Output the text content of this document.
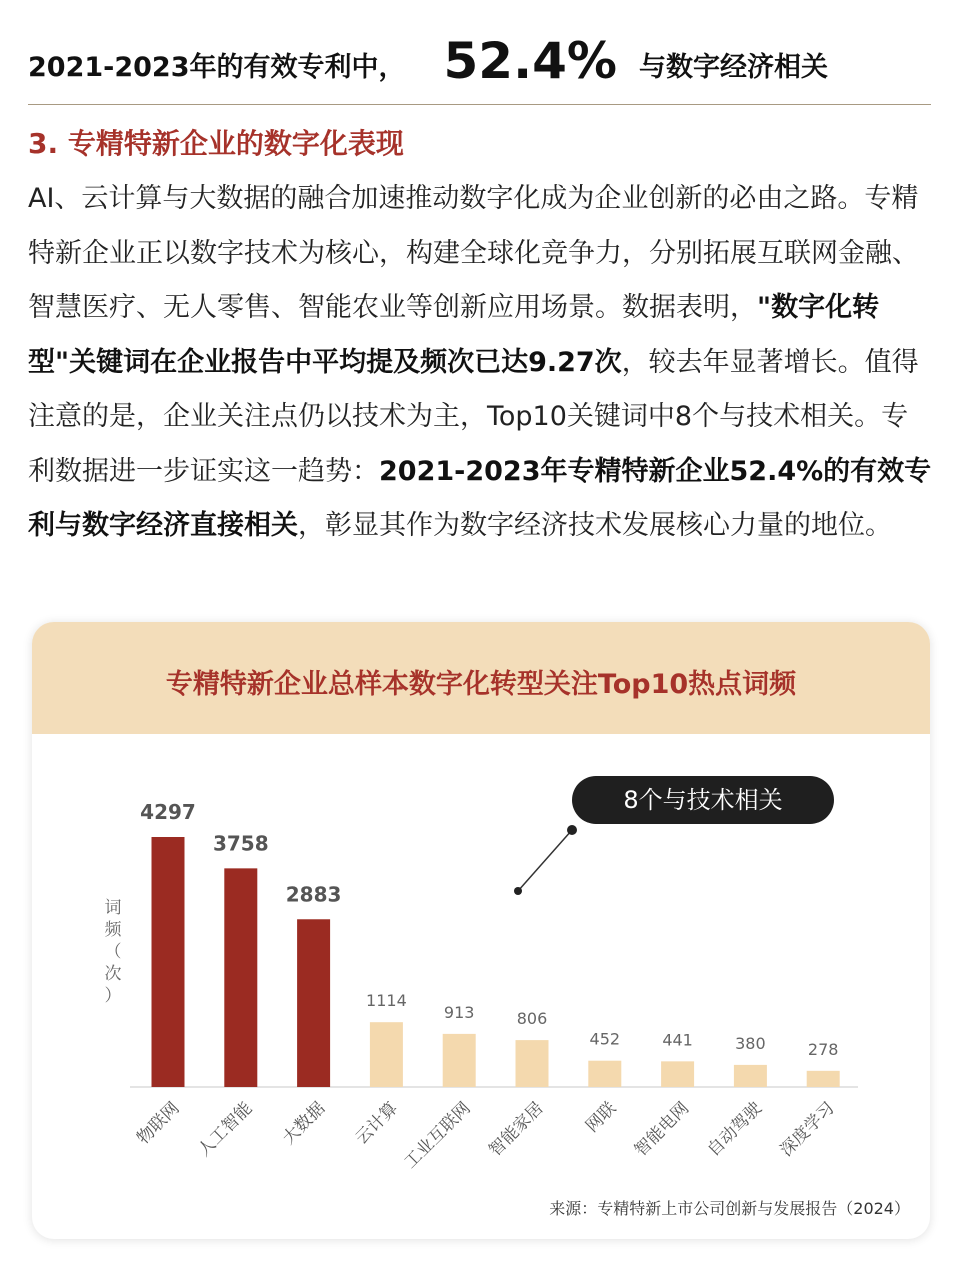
2021-2023年的有效专利中， 52.4% 与数字经济相关
3. 专精特新企业的数字化表现
AI、云计算与大数据的融合加速推动数字化成为企业创新的必由之路。专精特新企业正以数字技术为核心，构建全球化竞争力，分别拓展互联网金融、智慧医疗、无人零售、智能农业等创新应用场景。数据表明，"数字化转型"关键词在企业报告中平均提及频次已达9.27次，较去年显著增长。值得注意的是，企业关注点仍以技术为主，Top10关键词中8个与技术相关。专利数据进一步证实这一趋势：2021-2023年专精特新企业52.4%的有效专利与数字经济直接相关，彰显其作为数字经济技术发展核心力量的地位。
专精特新企业总样本数字化转型关注Top10热点词频
4297
物联网
3758
人工智能
2883
大数据
1114
云计算
913
工业互联网
806
智能家居
452
网联
441
智能电网
380
自动驾驶
278
深度学习
8个与技术相关
词
频
（
次
）
来源：专精特新上市公司创新与发展报告（2024）
